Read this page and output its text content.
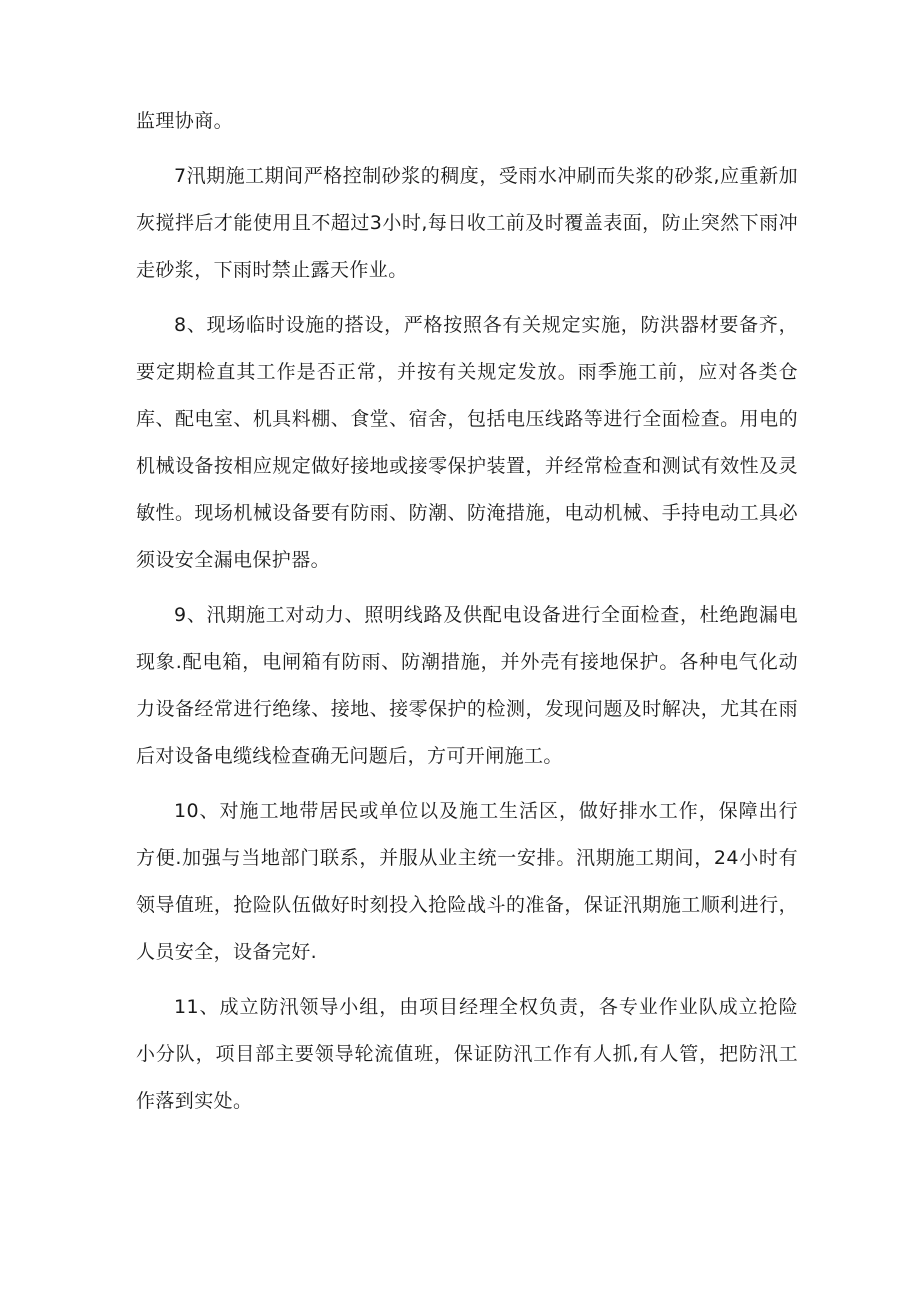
监理协商。

7汛期施工期间严格控制砂浆的稠度，受雨水冲刷而失浆的砂浆,应重新加灰搅拌后才能使用且不超过3小时,每日收工前及时覆盖表面，防止突然下雨冲走砂浆，下雨时禁止露天作业。

8、现场临时设施的搭设，严格按照各有关规定实施，防洪器材要备齐，要定期检直其工作是否正常，并按有关规定发放。雨季施工前，应对各类仓库、配电室、机具料棚、食堂、宿舍，包括电压线路等进行全面检查。用电的机械设备按相应规定做好接地或接零保护装置，并经常检查和测试有效性及灵敏性。现场机械设备要有防雨、防潮、防淹措施，电动机械、手持电动工具必须设安全漏电保护器。

9、汛期施工对动力、照明线路及供配电设备进行全面检查，杜绝跑漏电现象.配电箱，电闸箱有防雨、防潮措施，并外壳有接地保护。各种电气化动力设备经常进行绝缘、接地、接零保护的检测，发现问题及时解决，尤其在雨后对设备电缆线检查确无问题后，方可开闸施工。

10、对施工地带居民或单位以及施工生活区，做好排水工作，保障出行方便.加强与当地部门联系，并服从业主统一安排。汛期施工期间，24小时有领导值班，抢险队伍做好时刻投入抢险战斗的准备，保证汛期施工顺利进行，人员安全，设备完好.

11、成立防汛领导小组，由项目经理全权负责，各专业作业队成立抢险小分队，项目部主要领导轮流值班，保证防汛工作有人抓,有人管，把防汛工作落到实处。
